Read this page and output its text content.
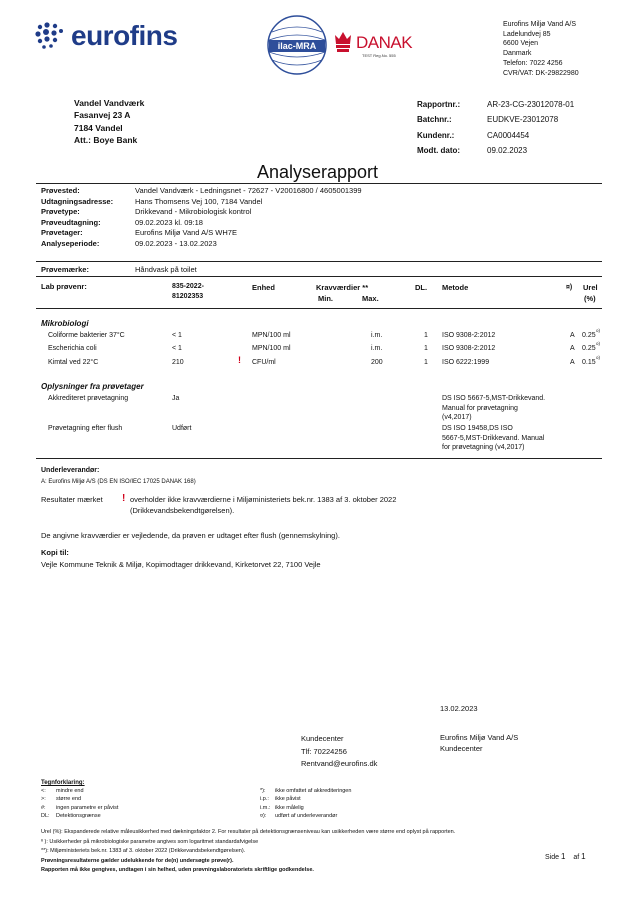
eurofins	ilac-MRA	DANAK
TEST Reg.No. 555
Eurofins Miljø Vand A/S
Ladelundvej 85
6600 Vejen
Danmark
Telefon: 7022 4256
CVR/VAT: DK-29822980
Vandel Vandværk
Fasanvej 23 A
7184 Vandel
Att.: Boye Bank
Rapportnr.:	AR-23-CG-23012078-01
Batchnr.:	EUDKVE-23012078
Kundenr.:	CA0004454
Modt. dato:	09.02.2023
Analyserapport
Prøvested:	Vandel Vandværk - Ledningsnet - 72627 - V20016800 / 4605001399
Udtagningsadresse:	Hans Thomsens Vej 100, 7184 Vandel
Prøvetype:	Drikkevand - Mikrobiologisk kontrol
Prøveudtagning:	09.02.2023 kl. 09:18
Prøvetager:	Eurofins Miljø Vand A/S WH7E
Analyseperiode:	09.02.2023 - 13.02.2023
Prøvemærke:	Håndvask på toilet
Lab prøvenr:	835-2022-
81202353
Enhed	Kravværdier **
Min.	Max.
DL. Metode	¤) Urel
(%)
Mikrobiologi
Coliforme bakterier 37°C	< 1	MPN/100 ml	i.m.	1 ISO 9308-2:2012	A 0.25
o)
Escherichia coli	< 1	MPN/100 ml	i.m.	1 ISO 9308-2:2012	A 0.25
o)
Kimtal ved 22°C	210	! CFU/ml	200	1 ISO 6222:1999	A 0.15
o)
Oplysninger fra prøvetager
Akkrediteret prøvetagning	Ja	DS ISO 5667-5,MST-Drikkevand.
Manual for prøvetagning
(v4,2017)
Prøvetagning efter flush	Udført	DS ISO 19458,DS ISO
5667-5,MST-Drikkevand. Manual
for prøvetagning (v4,2017)
Underleverandør:
A: Eurofins Miljø A/S (DS EN ISO/IEC 17025 DANAK 168)
Resultater mærket ! overholder ikke kravværdierne i Miljøministeriets bek.nr. 1383 af 3. oktober 2022
(Drikkevandsbekendtgørelsen).
De angivne kravværdier er vejledende, da prøven er udtaget efter flush (gennemskylning).
Kopi til:
Vejle Kommune Teknik & Miljø, Kopimodtager drikkevand, Kirketorvet 22, 7100 Vejle
13.02.2023
Kundecenter
Tlf: 70224256
Rentvand@eurofins.dk
Eurofins Miljø Vand A/S
Kundecenter
Tegnforklaring:
<: mindre end
>: større end
#: ingen parametre er påvist
DL: Detektionsgrænse
*): ikke omfattet af akkrediteringen
i.p.: ikke påvist
i.m.: ikke målelig
¤): udført af underleverandør
Urel (%): Ekspanderede relative måleusikkerhed med dækningsfaktor 2. For resultater på detektionsgrænseniveau kan usikkerheden være større end oplyst på rapporten.
º ): Usikkerheder på mikrobiologiske parametre angives som logaritmet standardafvigelse
**): Miljøministeriets bek.nr. 1383 af 3. oktober 2022 (Drikkevandsbekendtgørelsen).
Prøvningsresultaterne gælder udelukkende for de(n) undersøgte prøve(r).
Rapporten må ikke gengives, undtagen i sin helhed, uden prøvningslaboratoriets skriftlige godkendelse.
Side 1 af 1
